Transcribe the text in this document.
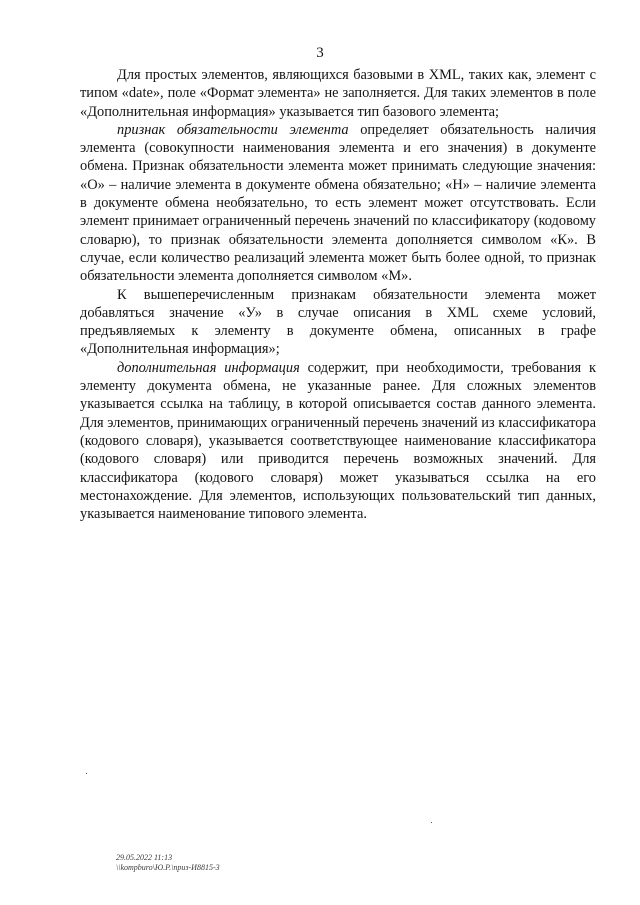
3

Для простых элементов, являющихся базовыми в XML, таких как, элемент с типом «date», поле «Формат элемента» не заполняется. Для таких элементов в поле «Дополнительная информация» указывается тип базового элемента;

признак обязательности элемента определяет обязательность наличия элемента (совокупности наименования элемента и его значения) в документе обмена. Признак обязательности элемента может принимать следующие значения: «О» – наличие элемента в документе обмена обязательно; «Н» – наличие элемента в документе обмена необязательно, то есть элемент может отсутствовать. Если элемент принимает ограниченный перечень значений по классификатору (кодовому словарю), то признак обязательности элемента дополняется символом «К». В случае, если количество реализаций элемента может быть более одной, то признак обязательности элемента дополняется символом «М».

К вышеперечисленным признакам обязательности элемента может добавляться значение «У» в случае описания в XML схеме условий, предъявляемых к элементу в документе обмена, описанных в графе «Дополнительная информация»;

дополнительная информация содержит, при необходимости, требования к элементу документа обмена, не указанные ранее. Для сложных элементов указывается ссылка на таблицу, в которой описывается состав данного элемента. Для элементов, принимающих ограниченный перечень значений из классификатора (кодового словаря), указывается соответствующее наименование классификатора (кодового словаря) или приводится перечень возможных значений. Для классификатора (кодового словаря) может указываться ссылка на его местонахождение. Для элементов, использующих пользовательский тип данных, указывается наименование типового элемента.

29.05.2022 11:13
\\kompburo\Ю.Р.\приз-И8815-3
